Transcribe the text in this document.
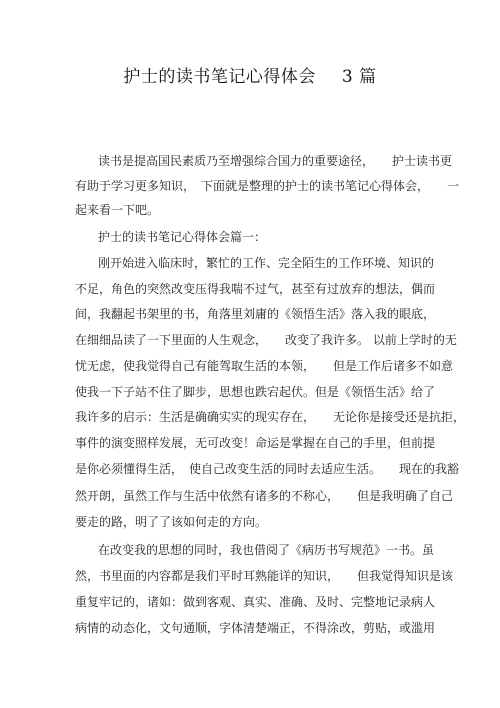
护士的读书笔记心得体会 3 篇
读书是提高国民素质乃至增强综合国力的重要途径，　　护士读书更
有助于学习更多知识，　下面就是整理的护士的读书笔记心得体会，　　一
起来看一下吧。
护士的读书笔记心得体会篇一：
刚开始进入临床时，繁忙的工作、完全陌生的工作环境、知识的
不足，角色的突然改变压得我喘不过气，甚至有过放弃的想法，偶而
间，我翻起书架里的书，角落里刘庸的《领悟生活》落入我的眼底，
在细细品读了一下里面的人生观念，　　改变了我许多。 以前上学时的无
忧无虑，使我觉得自己有能驾取生活的本领，　　但是工作后诸多不如意
使我一下子站不住了脚步，思想也跌宕起伏。但是《领悟生活》给了
我许多的启示：生活是确确实实的现实存在，　　无论你是接受还是抗拒，
事件的演变照样发展，无可改变！命运是掌握在自己的手里，但前提
是你必须懂得生活，　使自己改变生活的同时去适应生活。　　现在的我豁
然开朗，虽然工作与生活中依然有诸多的不称心，　　但是我明确了自己
要走的路，明了了该如何走的方向。
在改变我的思想的同时，我也借阅了《病历书写规范》一书。虽
然，书里面的内容都是我们平时耳熟能详的知识，　　但我觉得知识是该
重复牢记的，诸如：做到客观、真实、准确、及时、完整地记录病人
病情的动态化，文句通顺，字体清楚端正，不得涂改，剪贴，或滥用
